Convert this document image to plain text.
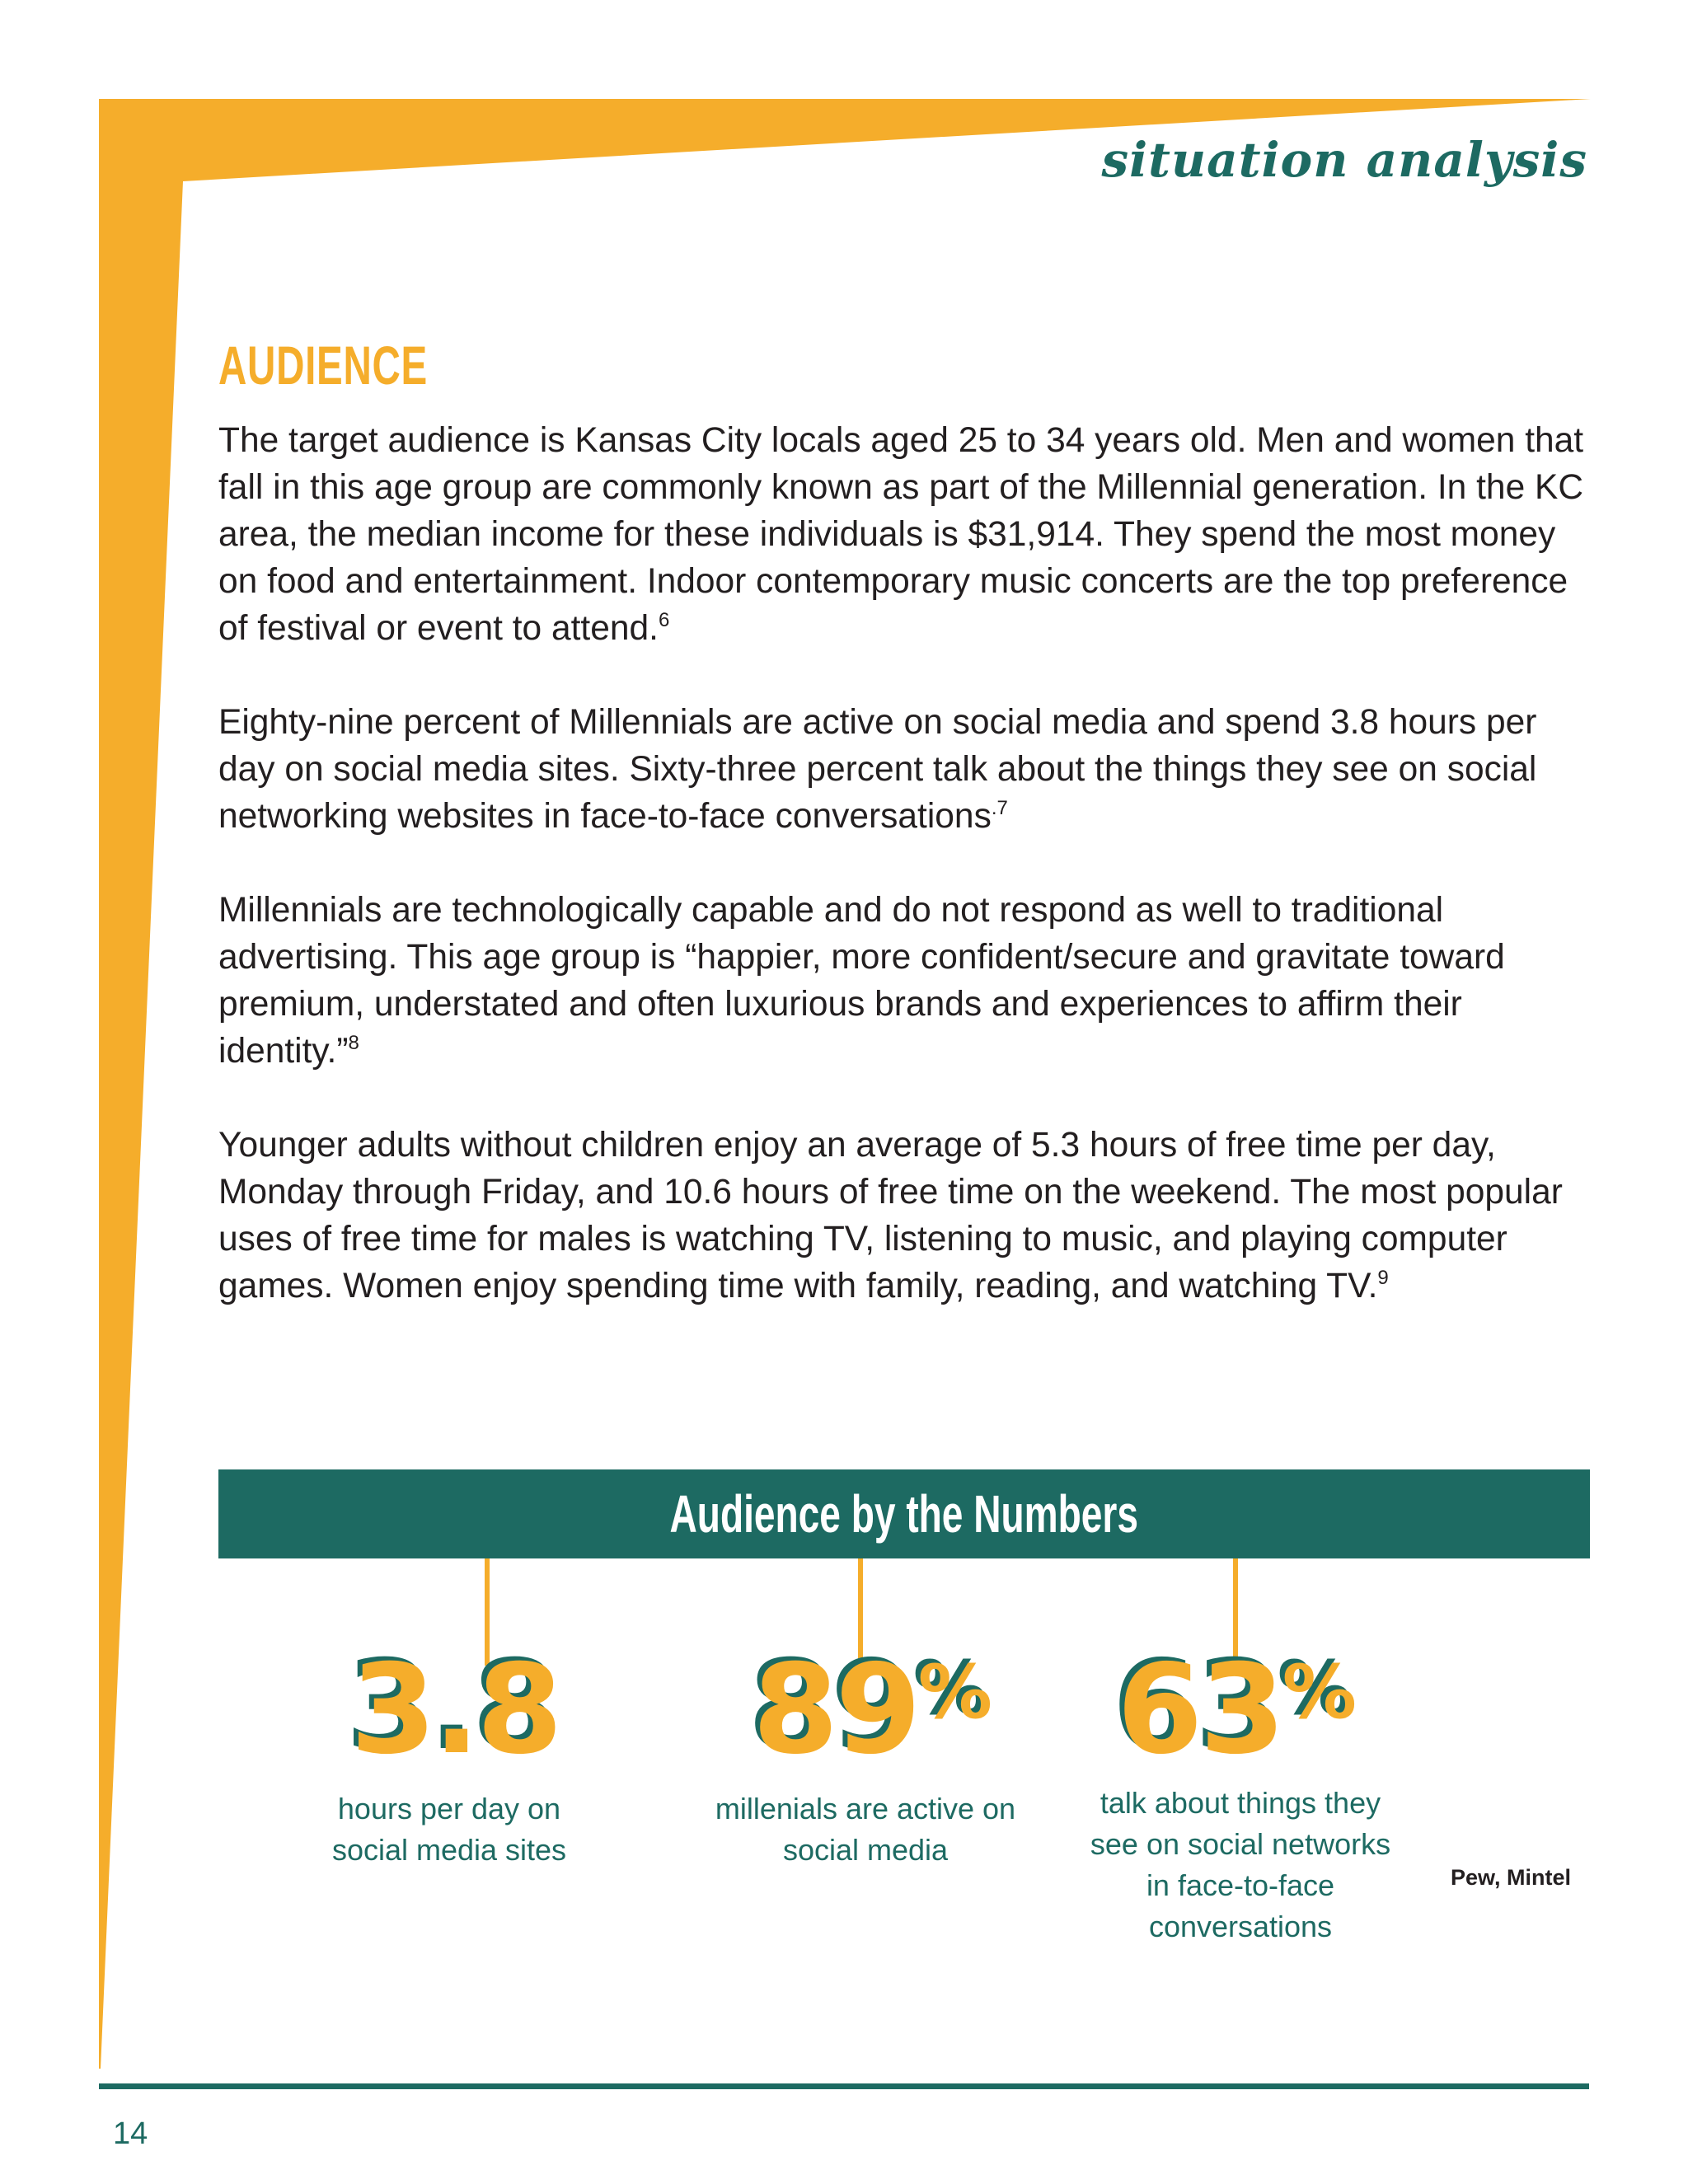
situation analysis
AUDIENCE

The target audience is Kansas City locals aged 25 to 34 years old. Men and women that fall in this age group are commonly known as part of the Millennial generation. In the KC area, the median income for these individuals is $31,914. They spend the most money on food and entertainment. Indoor contemporary music concerts are the top preference of festival or event to attend.$^6$

Eighty-nine percent of Millennials are active on social media and spend 3.8 hours per day on social media sites. Sixty-three percent talk about the things they see on social networking websites in face-to-face conversations$^{.7}$

Millennials are technologically capable and do not respond as well to traditional advertising. This age group is “happier, more confident/secure and gravitate toward premium, understated and often luxurious brands and experiences to affirm their identity.”$^8$

Younger adults without children enjoy an average of 5.3 hours of free time per day, Monday through Friday, and 10.6 hours of free time on the weekend. The most popular uses of free time for males is watching TV, listening to music, and playing computer games. Women enjoy spending time with family, reading, and watching TV.$^9$

Audience by the Numbers

3.8 89% 63%

hours per day on social media sites

millenials are active on social media

talk about things they see on social networks in face-to-face conversations

Pew, Mintel

14
